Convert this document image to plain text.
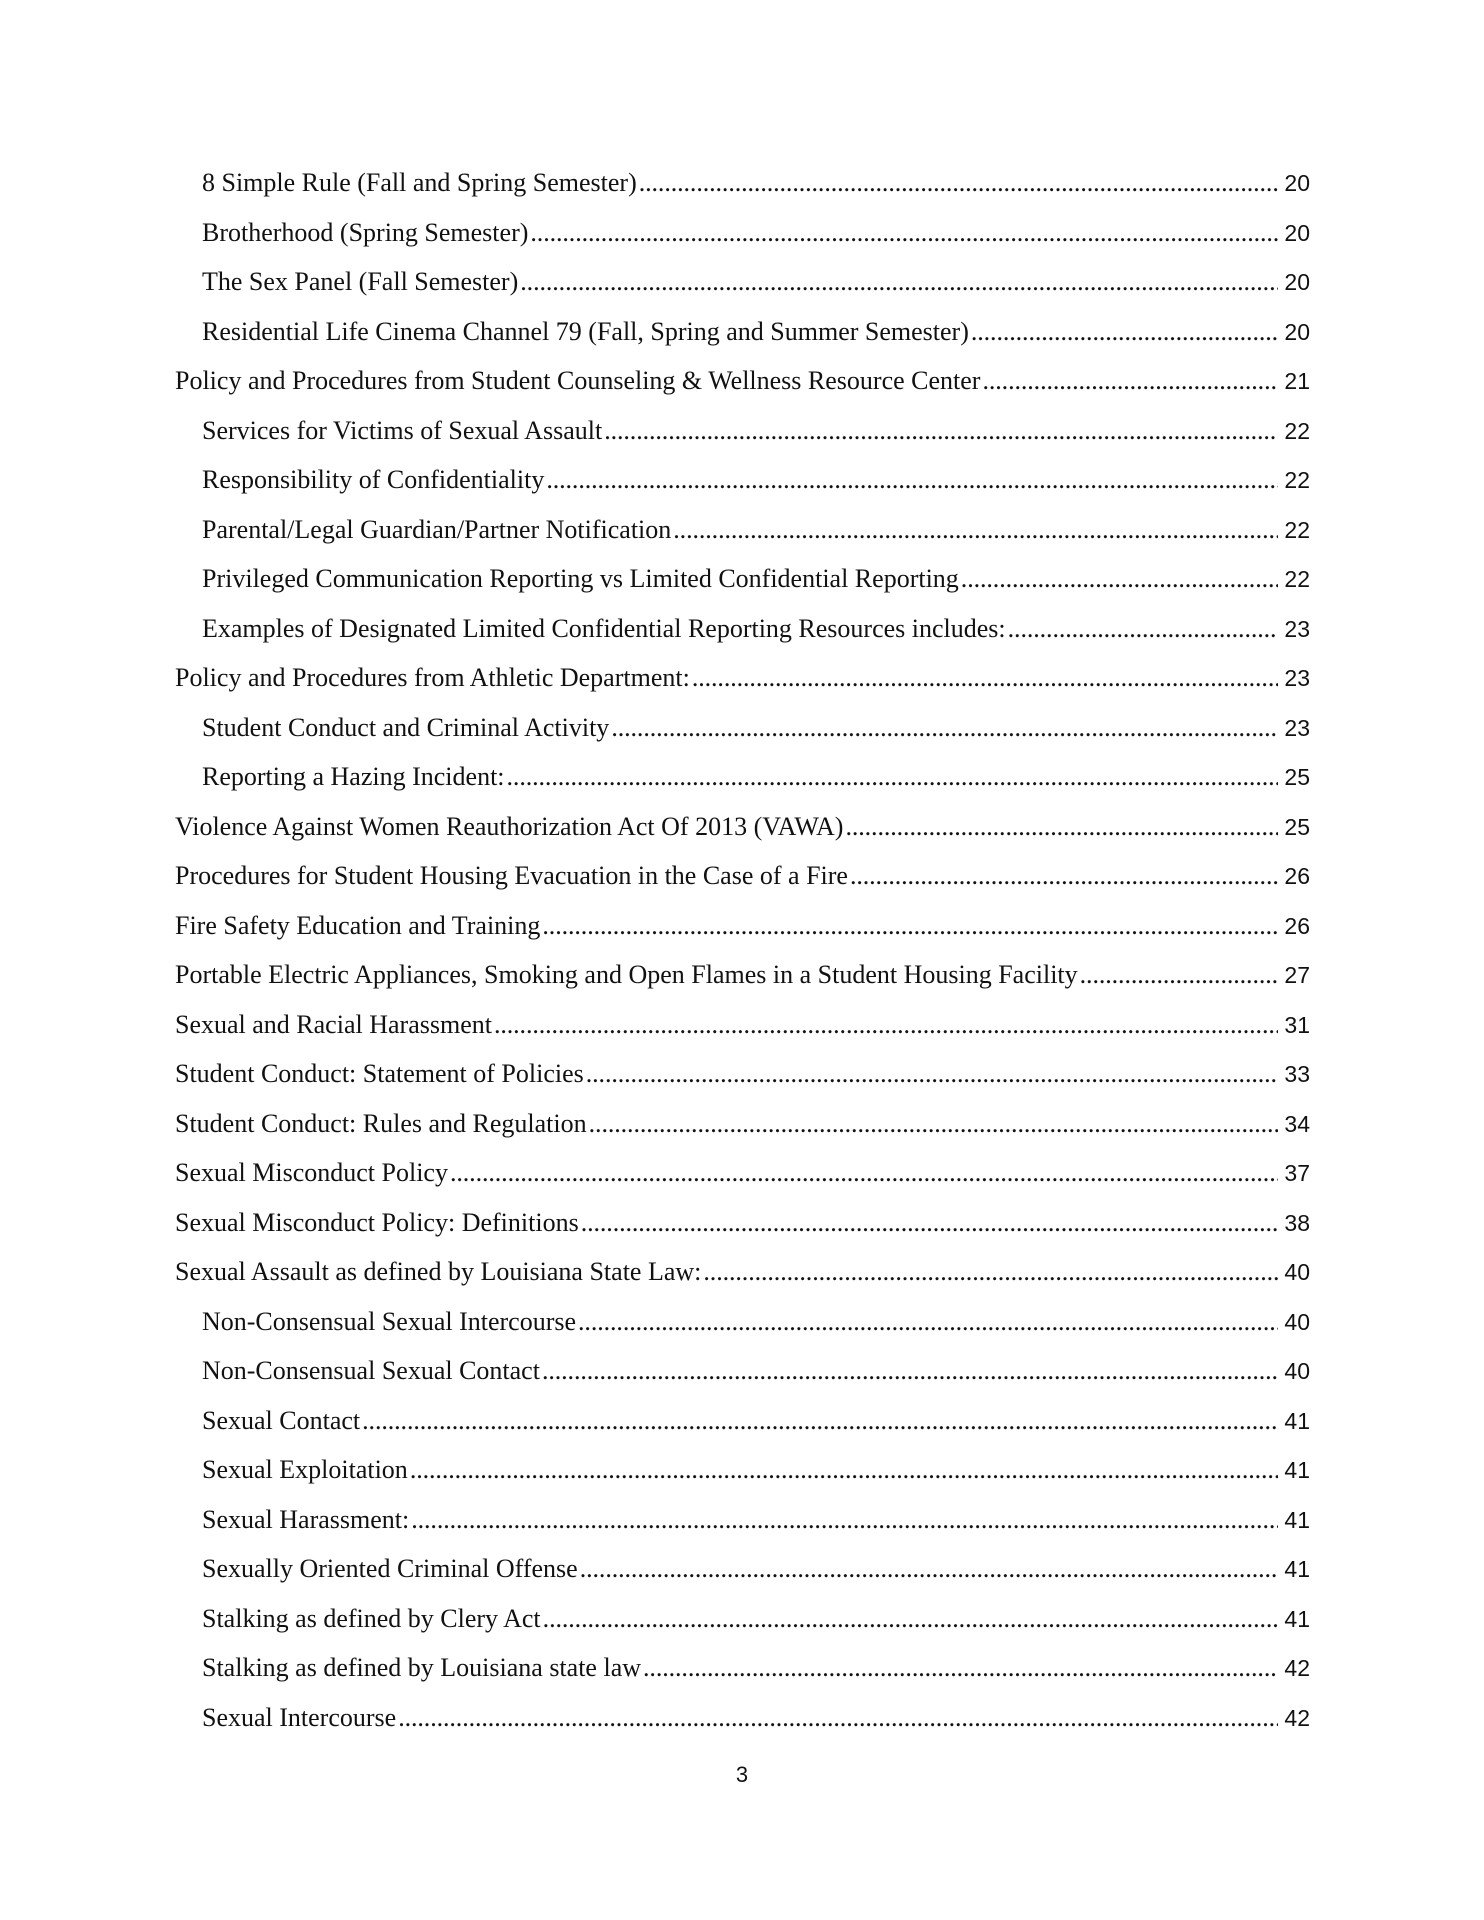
8 Simple Rule (Fall and Spring Semester) . . .	20
Brotherhood (Spring Semester) . . .	20
The Sex Panel (Fall Semester) . . .	20
Residential Life Cinema Channel 79 (Fall, Spring and Summer Semester) . . .	20
Policy and Procedures from Student Counseling & Wellness Resource Center . . .	21
Services for Victims of Sexual Assault . . .	22
Responsibility of Confidentiality . . .	22
Parental/Legal Guardian/Partner Notification . . .	22
Privileged Communication Reporting vs Limited Confidential Reporting . . .	22
Examples of Designated Limited Confidential Reporting Resources includes: . . .	23
Policy and Procedures from Athletic Department: . . .	23
Student Conduct and Criminal Activity . . .	23
Reporting a Hazing Incident: . . .	25
Violence Against Women Reauthorization Act Of 2013 (VAWA) . . .	25
Procedures for Student Housing Evacuation in the Case of a Fire . . .	26
Fire Safety Education and Training . . .	26
Portable Electric Appliances, Smoking and Open Flames in a Student Housing Facility . . .	27
Sexual and Racial Harassment . . .	31
Student Conduct: Statement of Policies . . .	33
Student Conduct: Rules and Regulation . . .	34
Sexual Misconduct Policy . . .	37
Sexual Misconduct Policy: Definitions . . .	38
Sexual Assault as defined by Louisiana State Law: . . .	40
Non-Consensual Sexual Intercourse . . .	40
Non-Consensual Sexual Contact . . .	40
Sexual Contact . . .	41
Sexual Exploitation . . .	41
Sexual Harassment: . . .	41
Sexually Oriented Criminal Offense . . .	41
Stalking as defined by Clery Act . . .	41
Stalking as defined by Louisiana state law . . .	42
Sexual Intercourse . . .	42
3
